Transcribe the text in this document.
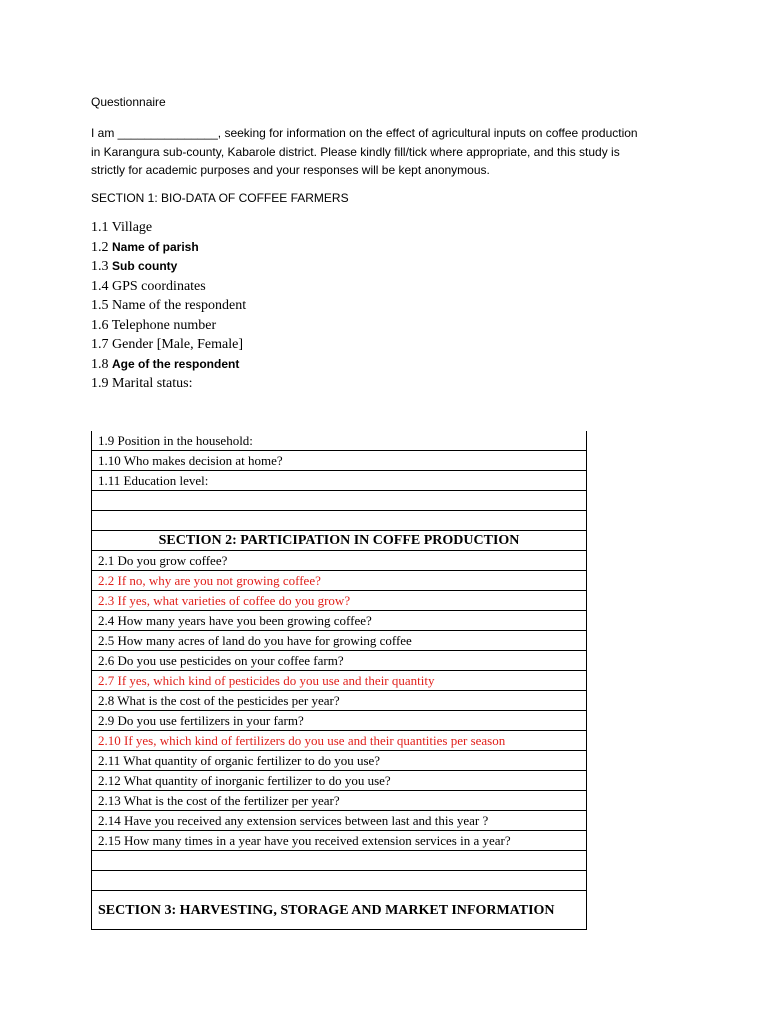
Questionnaire
I am _______________, seeking for information on the effect of agricultural inputs on coffee production
in Karangura sub-county, Kabarole district. Please kindly fill/tick where appropriate, and this study is
strictly for academic purposes and your responses will be kept anonymous.
SECTION 1: BIO-DATA OF COFFEE FARMERS
1.1 Village
1.2 Name of parish
1.3 Sub county
1.4 GPS coordinates
1.5 Name of the respondent
1.6 Telephone number
1.7 Gender [Male, Female]
1.8 Age of the respondent
1.9 Marital status:
1.9 Position in the household:
1.10 Who makes decision at home?
1.11 Education level:

SECTION 2: PARTICIPATION IN COFFE PRODUCTION
2.1 Do you grow coffee?
2.2 If no, why are you not growing coffee?
2.3 If yes, what varieties of coffee do you grow?
2.4 How many years have you been growing coffee?
2.5 How many acres of land do you have for growing coffee
2.6 Do you use pesticides on your coffee farm?
2.7 If yes, which kind of pesticides do you use and their quantity
2.8 What is the cost of the pesticides per year?
2.9 Do you use fertilizers in your farm?
2.10 If yes, which kind of fertilizers do you use and their quantities per season
2.11 What quantity of organic fertilizer to do you use?
2.12 What quantity of inorganic fertilizer to do you use?
2.13 What is the cost of the fertilizer per year?
2.14 Have you received any extension services between last and this year ?
2.15 How many times in a year have you received extension services in a year?

SECTION 3: HARVESTING, STORAGE AND MARKET INFORMATION
